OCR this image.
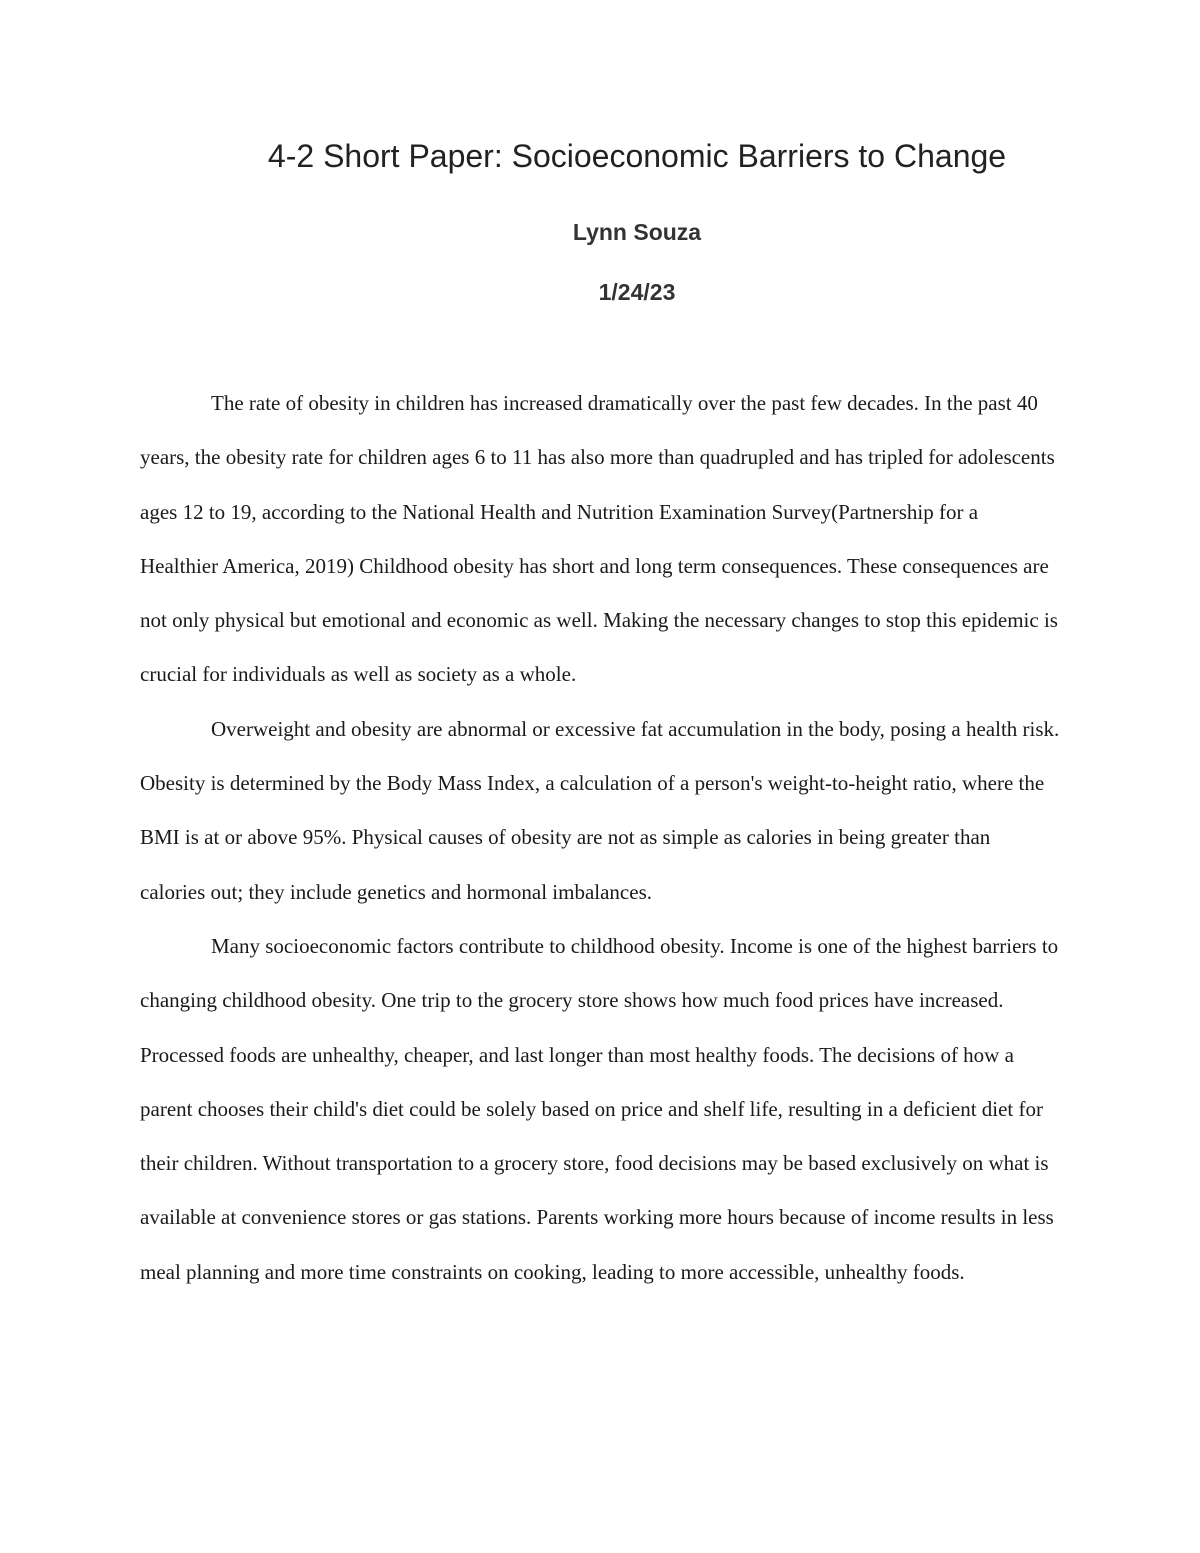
4-2 Short Paper: Socioeconomic Barriers to Change

Lynn Souza

1/24/23

The rate of obesity in children has increased dramatically over the past few decades. In the past 40 years, the obesity rate for children ages 6 to 11 has also more than quadrupled and has tripled for adolescents ages 12 to 19, according to the National Health and Nutrition Examination Survey(Partnership for a Healthier America, 2019) Childhood obesity has short and long term consequences. These consequences are not only physical but emotional and economic as well. Making the necessary changes to stop this epidemic is crucial for individuals as well as society as a whole.

Overweight and obesity are abnormal or excessive fat accumulation in the body, posing a health risk. Obesity is determined by the Body Mass Index, a calculation of a person's weight-to-height ratio, where the BMI is at or above 95%. Physical causes of obesity are not as simple as calories in being greater than calories out; they include genetics and hormonal imbalances.

Many socioeconomic factors contribute to childhood obesity. Income is one of the highest barriers to changing childhood obesity. One trip to the grocery store shows how much food prices have increased. Processed foods are unhealthy, cheaper, and last longer than most healthy foods. The decisions of how a parent chooses their child's diet could be solely based on price and shelf life, resulting in a deficient diet for their children. Without transportation to a grocery store, food decisions may be based exclusively on what is available at convenience stores or gas stations. Parents working more hours because of income results in less meal planning and more time constraints on cooking, leading to more accessible, unhealthy foods.
